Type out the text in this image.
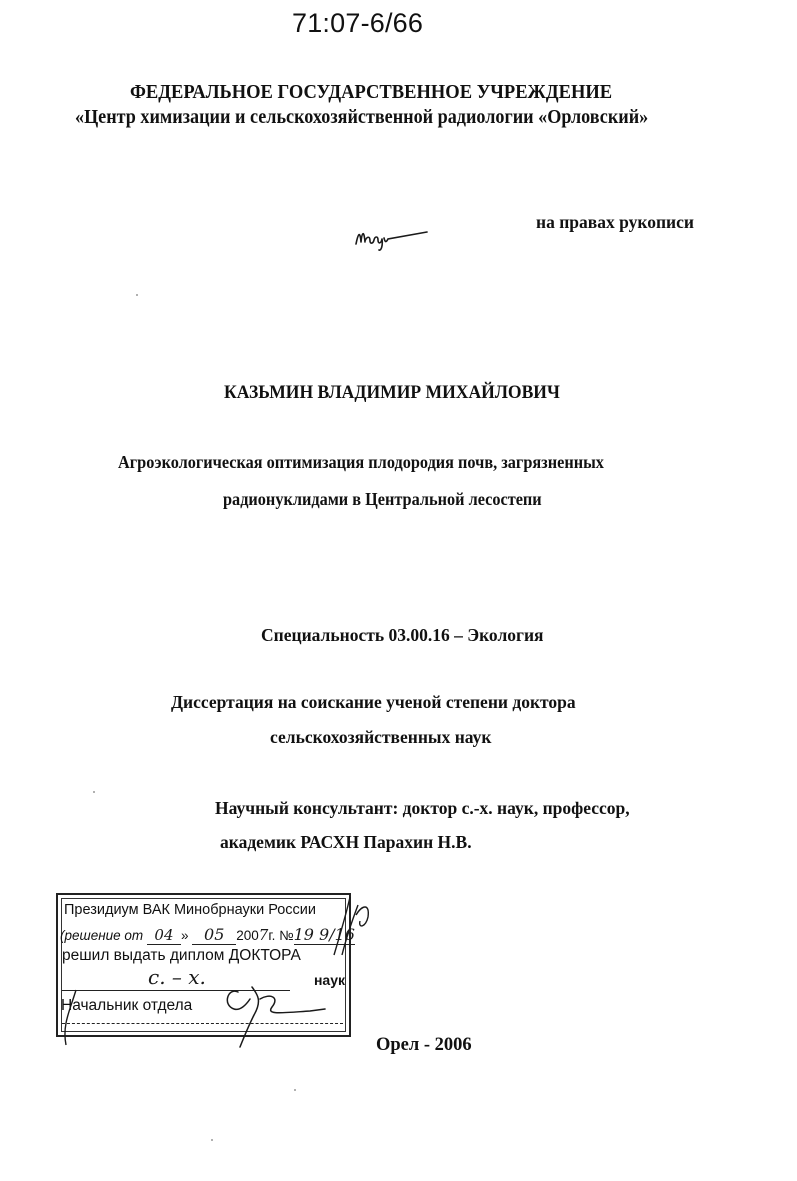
71:07-6/66
ФЕДЕРАЛЬНОЕ ГОСУДАРСТВЕННОЕ УЧРЕЖДЕНИЕ
«Центр химизации и сельскохозяйственной радиологии «Орловский»
на правах рукописи
КАЗЬМИН ВЛАДИМИР МИХАЙЛОВИЧ
Агроэкологическая оптимизация плодородия почв, загрязненных
радионуклидами в Центральной лесостепи
Специальность 03.00.16 – Экология
Диссертация на соискание ученой степени доктора
сельскохозяйственных наук
Научный консультант: доктор с.-х. наук, профессор,
академик РАСХН Парахин Н.В.
Президиум ВАК Минобрнауки России
(решение от 04 » 05 2007г. №19 9/16
решил выдать диплом ДОКТОРА
с. – х.	наук
Начальник отдела
Орел - 2006
